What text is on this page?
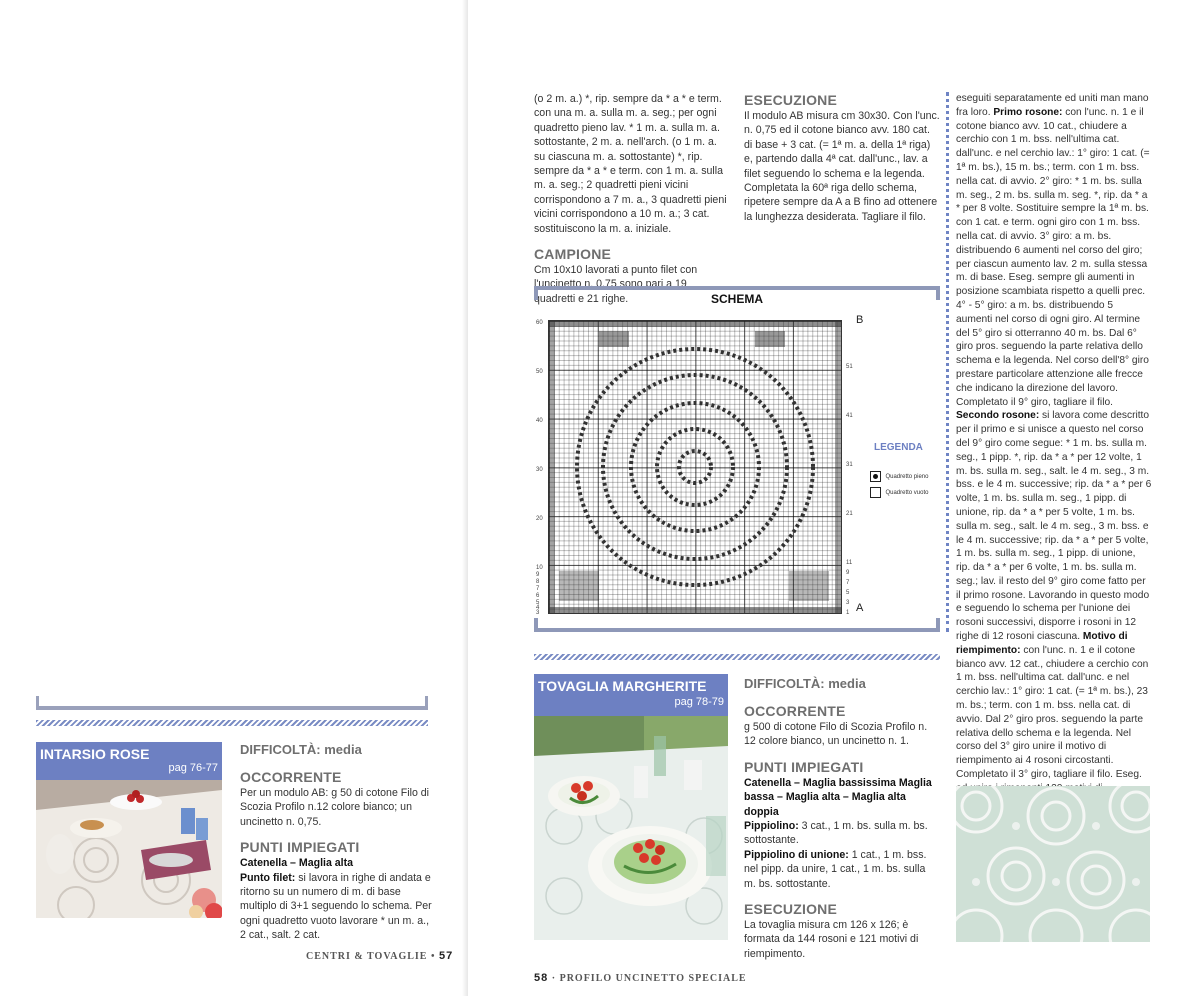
INTARSIO ROSE
pag 76-77
DIFFICOLTÀ: media
OCCORRENTE

Per un modulo AB: g 50 di cotone Filo di Scozia Profilo n.12 colore bianco; un uncinetto n. 0,75.

PUNTI IMPIEGATI

Catenella – Maglia alta

Punto filet: si lavora in righe di andata e ritorno su un numero di m. di base multiplo di 3+1 seguendo lo schema. Per ogni quadretto vuoto lavorare * un m. a., 2 cat., salt. 2 cat.

CENTRI & TOVAGLIE • 57

(o 2 m. a.) *, rip. sempre da * a * e term. con una m. a. sulla m. a. seg.; per ogni quadretto pieno lav. * 1 m. a. sulla m. a. sottostante, 2 m. a. nell'arch. (o 1 m. a. su ciascuna m. a. sottostante) *, rip. sempre da * a * e term. con 1 m. a. sulla m. a. seg.; 2 quadretti pieni vicini corrispondono a 7 m. a., 3 quadretti pieni vicini corrispondono a 10 m. a.; 3 cat. sostituiscono la m. a. iniziale.

CAMPIONE

Cm 10x10 lavorati a punto filet con l'uncinetto n. 0,75 sono pari a 19 quadretti e 21 righe.

ESECUZIONE

Il modulo AB misura cm 30x30. Con l'unc. n. 0,75 ed il cotone bianco avv. 180 cat. di base + 3 cat. (= 1ª m. a. della 1ª riga) e, partendo dalla 4ª cat. dall'unc., lav. a filet seguendo lo schema e la legenda. Completata la 60ª riga dello schema, ripetere sempre da A a B fino ad ottenere la lunghezza desiderata. Tagliare il filo.

SCHEMA
60
50
40
30
20
10
9
8
7
6
5
4
3
B
A
51
41
31
21
11
9
7
5
3
1
LEGENDA
Quadretto pieno
Quadretto vuoto
TOVAGLIA MARGHERITE
pag 78-79
DIFFICOLTÀ: media
OCCORRENTE

g 500 di cotone Filo di Scozia Profilo n. 12 colore bianco, un uncinetto n. 1.

PUNTI IMPIEGATI

Catenella – Maglia bassissima Maglia bassa – Maglia alta – Maglia alta doppia

Pippiolino: 3 cat., 1 m. bs. sulla m. bs. sottostante.

Pippiolino di unione: 1 cat., 1 m. bss. nel pipp. da unire, 1 cat., 1 m. bs. sulla m. bs. sottostante.

ESECUZIONE

La tovaglia misura cm 126 x 126; è formata da 144 rosoni e 121 motivi di riempimento.

eseguiti separatamente ed uniti man mano fra loro. Primo rosone: con l'unc. n. 1 e il cotone bianco avv. 10 cat., chiudere a cerchio con 1 m. bss. nell'ultima cat. dall'unc. e nel cerchio lav.: 1° giro: 1 cat. (= 1ª m. bs.), 15 m. bs.; term. con 1 m. bss. nella cat. di avvio. 2° giro: * 1 m. bs. sulla m. seg., 2 m. bs. sulla m. seg. *, rip. da * a * per 8 volte. Sostituire sempre la 1ª m. bs. con 1 cat. e term. ogni giro con 1 m. bss. nella cat. di avvio. 3° giro: a m. bs. distribuendo 6 aumenti nel corso del giro; per ciascun aumento lav. 2 m. sulla stessa m. di base. Eseg. sempre gli aumenti in posizione scambiata rispetto a quelli prec. 4° - 5° giro: a m. bs. distribuendo 5 aumenti nel corso di ogni giro. Al termine del 5° giro si otterranno 40 m. bs. Dal 6° giro pros. seguendo la parte relativa dello schema e la legenda. Nel corso dell'8° giro prestare particolare attenzione alle frecce che indicano la direzione del lavoro. Completato il 9° giro, tagliare il filo. Secondo rosone: si lavora come descritto per il primo e si unisce a questo nel corso del 9° giro come segue: * 1 m. bs. sulla m. seg., 1 pipp. *, rip. da * a * per 12 volte, 1 m. bs. sulla m. seg., salt. le 4 m. seg., 3 m. bss. e le 4 m. successive; rip. da * a * per 6 volte, 1 m. bs. sulla m. seg., 1 pipp. di unione, rip. da * a * per 5 volte, 1 m. bs. sulla m. seg., salt. le 4 m. seg., 3 m. bss. e le 4 m. successive; rip. da * a * per 5 volte, 1 m. bs. sulla m. seg., 1 pipp. di unione, rip. da * a * per 6 volte, 1 m. bs. sulla m. seg.; lav. il resto del 9° giro come fatto per il primo rosone. Lavorando in questo modo e seguendo lo schema per l'unione dei rosoni successivi, disporre i rosoni in 12 righe di 12 rosoni ciascuna. Motivo di riempimento: con l'unc. n. 1 e il cotone bianco avv. 12 cat., chiudere a cerchio con 1 m. bss. nell'ultima cat. dall'unc. e nel cerchio lav.: 1° giro: 1 cat. (= 1ª m. bs.), 23 m. bs.; term. con 1 m. bss. nella cat. di avvio. Dal 2° giro pros. seguendo la parte relativa dello schema e la legenda. Nel corso del 3° giro unire il motivo di riempimento ai 4 rosoni circostanti. Completato il 3° giro, tagliare il filo. Eseg.

58 · PROFILO UNCINETTO SPECIALE
